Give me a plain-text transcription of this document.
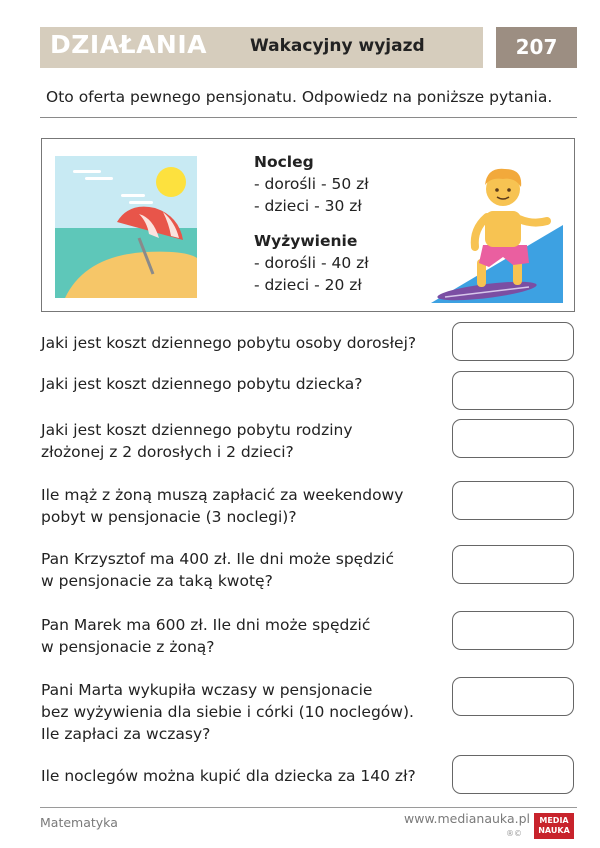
DZIAŁANIA	Wakacyjny wyjazd	207
Oto oferta pewnego pensjonatu. Odpowiedz na poniższe pytania.
Nocleg
- dorośli - 50 zł
- dzieci - 30 zł
Wyżywienie
- dorośli - 40 zł
- dzieci - 20 zł
Jaki jest koszt dziennego pobytu osoby dorosłej?
Jaki jest koszt dziennego pobytu dziecka?
Jaki jest koszt dziennego pobytu rodziny
złożonej z 2 dorosłych i 2 dzieci?
Ile mąż z żoną muszą zapłacić za weekendowy
pobyt w pensjonacie (3 noclegi)?
Pan Krzysztof ma 400 zł. Ile dni może spędzić
w pensjonacie za taką kwotę?
Pan Marek ma 600 zł. Ile dni może spędzić
w pensjonacie z żoną?
Pani Marta wykupiła wczasy w pensjonacie
bez wyżywienia dla siebie i córki (10 noclegów).
Ile zapłaci za wczasy?
Ile noclegów można kupić dla dziecka za 140 zł?
Matematyka	www.medianauka.pl
®©
MEDIA
NAUKA
